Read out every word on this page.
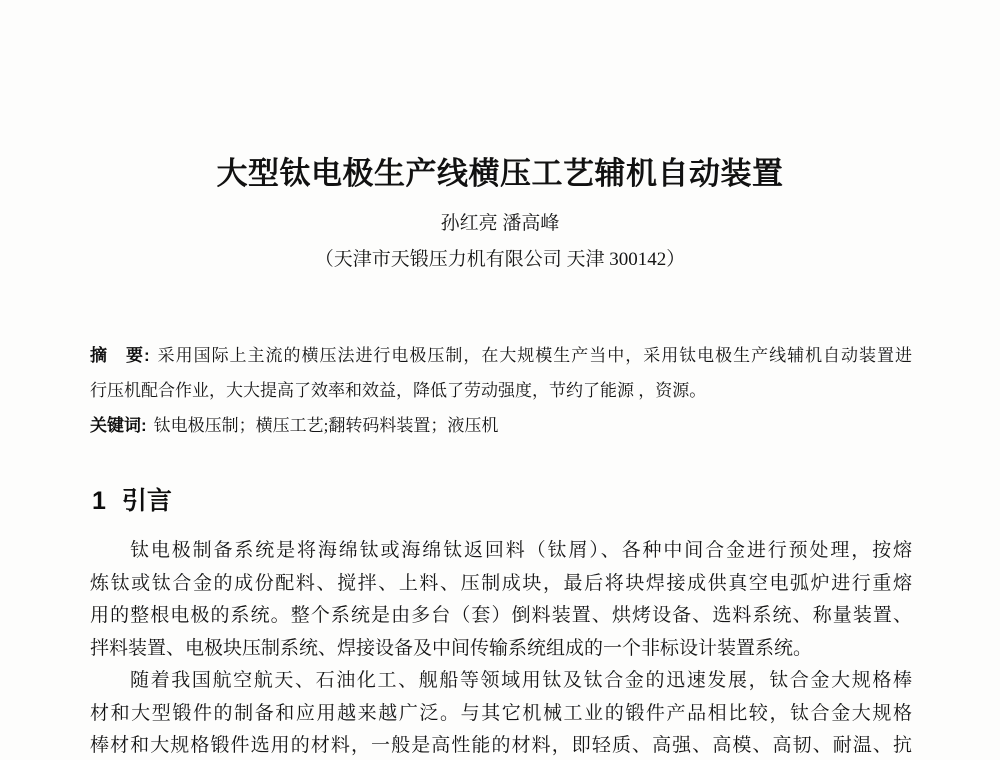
大型钛电极生产线横压工艺辅机自动装置
孙红亮 潘高峰
（天津市天锻压力机有限公司 天津 300142）

摘　要: 采用国际上主流的横压法进行电极压制，在大规模生产当中，采用钛电极生产线辅机自动装置进

行压机配合作业，大大提高了效率和效益，降低了劳动强度，节约了能源 ，资源。

关键词: 钛电极压制；横压工艺;翻转码料装置；液压机

1 引言

钛电极制备系统是将海绵钛或海绵钛返回料（钛屑）、各种中间合金进行预处理，按熔

炼钛或钛合金的成份配料、搅拌、上料、压制成块，最后将块焊接成供真空电弧炉进行重熔

用的整根电极的系统。整个系统是由多台（套）倒料装置、烘烤设备、选料系统、称量装置、

拌料装置、电极块压制系统、焊接设备及中间传输系统组成的一个非标设计装置系统。

随着我国航空航天、石油化工、舰船等领域用钛及钛合金的迅速发展，钛合金大规格棒

材和大型锻件的制备和应用越来越广泛。与其它机械工业的锻件产品相比较，钛合金大规格

棒材和大规格锻件选用的材料，一般是高性能的材料，即轻质、高强、高模、高韧、耐温、抗
